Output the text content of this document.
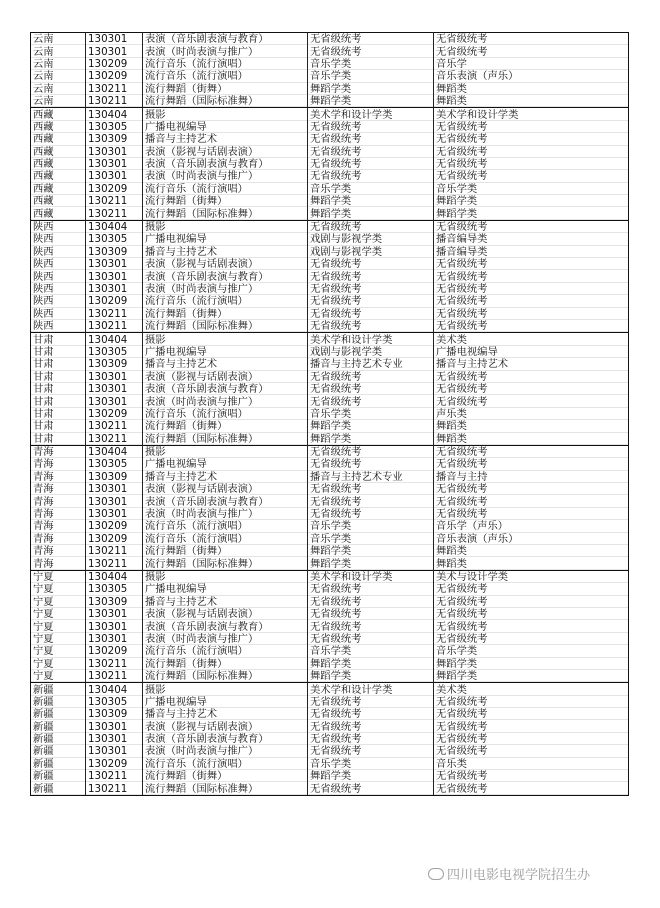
云南	130301	表演（音乐剧表演与教育）	无省级统考	无省级统考
云南	130301	表演（时尚表演与推广）	无省级统考	无省级统考
云南	130209	流行音乐（流行演唱）	音乐学类	音乐学
云南	130209	流行音乐（流行演唱）	音乐学类	音乐表演（声乐）
云南	130211	流行舞蹈（街舞）	舞蹈学类	舞蹈类
云南	130211	流行舞蹈（国际标准舞）	舞蹈学类	舞蹈类
西藏	130404	摄影	美术学和设计学类	美术学和设计学类
西藏	130305	广播电视编导	无省级统考	无省级统考
西藏	130309	播音与主持艺术	无省级统考	无省级统考
西藏	130301	表演（影视与话剧表演）	无省级统考	无省级统考
西藏	130301	表演（音乐剧表演与教育）	无省级统考	无省级统考
西藏	130301	表演（时尚表演与推广）	无省级统考	无省级统考
西藏	130209	流行音乐（流行演唱）	音乐学类	音乐学类
西藏	130211	流行舞蹈（街舞）	舞蹈学类	舞蹈学类
西藏	130211	流行舞蹈（国际标准舞）	舞蹈学类	舞蹈学类
陕西	130404	摄影	无省级统考	无省级统考
陕西	130305	广播电视编导	戏剧与影视学类	播音编导类
陕西	130309	播音与主持艺术	戏剧与影视学类	播音编导类
陕西	130301	表演（影视与话剧表演）	无省级统考	无省级统考
陕西	130301	表演（音乐剧表演与教育）	无省级统考	无省级统考
陕西	130301	表演（时尚表演与推广）	无省级统考	无省级统考
陕西	130209	流行音乐（流行演唱）	无省级统考	无省级统考
陕西	130211	流行舞蹈（街舞）	无省级统考	无省级统考
陕西	130211	流行舞蹈（国际标准舞）	无省级统考	无省级统考
甘肃	130404	摄影	美术学和设计学类	美术类
甘肃	130305	广播电视编导	戏剧与影视学类	广播电视编导
甘肃	130309	播音与主持艺术	播音与主持艺术专业	播音与主持艺术
甘肃	130301	表演（影视与话剧表演）	无省级统考	无省级统考
甘肃	130301	表演（音乐剧表演与教育）	无省级统考	无省级统考
甘肃	130301	表演（时尚表演与推广）	无省级统考	无省级统考
甘肃	130209	流行音乐（流行演唱）	音乐学类	声乐类
甘肃	130211	流行舞蹈（街舞）	舞蹈学类	舞蹈类
甘肃	130211	流行舞蹈（国际标准舞）	舞蹈学类	舞蹈类
青海	130404	摄影	无省级统考	无省级统考
青海	130305	广播电视编导	无省级统考	无省级统考
青海	130309	播音与主持艺术	播音与主持艺术专业	播音与主持
青海	130301	表演（影视与话剧表演）	无省级统考	无省级统考
青海	130301	表演（音乐剧表演与教育）	无省级统考	无省级统考
青海	130301	表演（时尚表演与推广）	无省级统考	无省级统考
青海	130209	流行音乐（流行演唱）	音乐学类	音乐学（声乐）
青海	130209	流行音乐（流行演唱）	音乐学类	音乐表演（声乐）
青海	130211	流行舞蹈（街舞）	舞蹈学类	舞蹈类
青海	130211	流行舞蹈（国际标准舞）	舞蹈学类	舞蹈类
宁夏	130404	摄影	美术学和设计学类	美术与设计学类
宁夏	130305	广播电视编导	无省级统考	无省级统考
宁夏	130309	播音与主持艺术	无省级统考	无省级统考
宁夏	130301	表演（影视与话剧表演）	无省级统考	无省级统考
宁夏	130301	表演（音乐剧表演与教育）	无省级统考	无省级统考
宁夏	130301	表演（时尚表演与推广）	无省级统考	无省级统考
宁夏	130209	流行音乐（流行演唱）	音乐学类	音乐学类
宁夏	130211	流行舞蹈（街舞）	舞蹈学类	舞蹈学类
宁夏	130211	流行舞蹈（国际标准舞）	舞蹈学类	舞蹈学类
新疆	130404	摄影	美术学和设计学类	美术类
新疆	130305	广播电视编导	无省级统考	无省级统考
新疆	130309	播音与主持艺术	无省级统考	无省级统考
新疆	130301	表演（影视与话剧表演）	无省级统考	无省级统考
新疆	130301	表演（音乐剧表演与教育）	无省级统考	无省级统考
新疆	130301	表演（时尚表演与推广）	无省级统考	无省级统考
新疆	130209	流行音乐（流行演唱）	音乐学类	音乐类
新疆	130211	流行舞蹈（街舞）	舞蹈学类	无省级统考
新疆	130211	流行舞蹈（国际标准舞）	无省级统考	无省级统考
四川电影电视学院招生办
